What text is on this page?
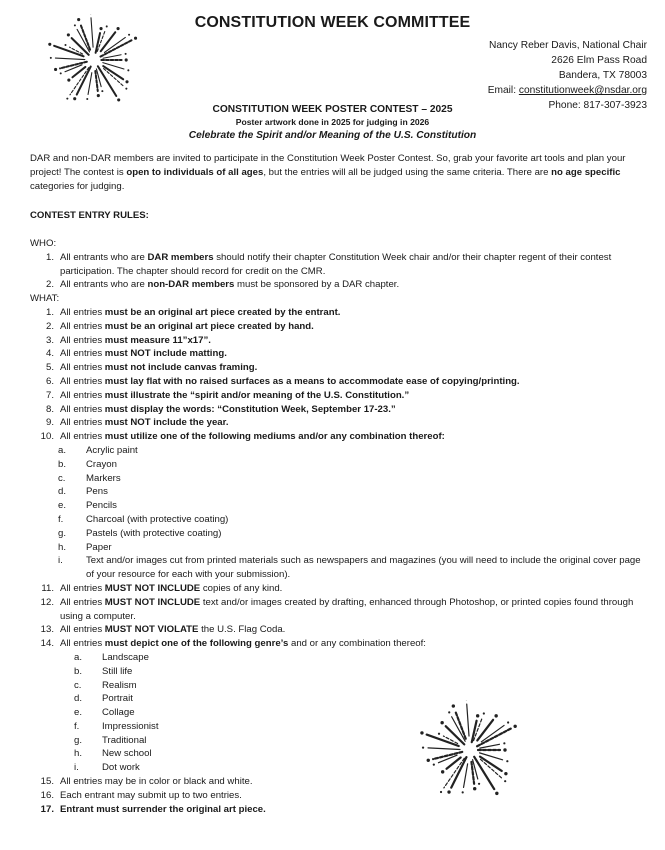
CONSTITUTION WEEK COMMITTEE
Nancy Reber Davis, National Chair
2626 Elm Pass Road
Bandera, TX 78003
Email: constitutionweek@nsdar.org
Phone: 817-307-3923
CONSTITUTION WEEK POSTER CONTEST – 2025
Poster artwork done in 2025 for judging in 2026
Celebrate the Spirit and/or Meaning of the U.S. Constitution
DAR and non-DAR members are invited to participate in the Constitution Week Poster Contest. So, grab your favorite art tools and plan your project! The contest is open to individuals of all ages, but the entries will all be judged using the same criteria. There are no age specific categories for judging.
CONTEST ENTRY RULES:
WHO:
1. All entrants who are DAR members should notify their chapter Constitution Week chair and/or their chapter regent of their contest participation. The chapter should record for credit on the CMR.
2. All entrants who are non-DAR members must be sponsored by a DAR chapter.
WHAT:
1. All entries must be an original art piece created by the entrant.
2. All entries must be an original art piece created by hand.
3. All entries must measure 11”x17”.
4. All entries must NOT include matting.
5. All entries must not include canvas framing.
6. All entries must lay flat with no raised surfaces as a means to accommodate ease of copying/printing.
7. All entries must illustrate the “spirit and/or meaning of the U.S. Constitution.”
8. All entries must display the words: “Constitution Week, September 17-23.”
9. All entries must NOT include the year.
10. All entries must utilize one of the following mediums and/or any combination thereof:
a.	Acrylic paint
b.	Crayon
c.	Markers
d.	Pens
e.	Pencils
f.	Charcoal (with protective coating)
g.	Pastels (with protective coating)
h.	Paper
i.	Text and/or images cut from printed materials such as newspapers and magazines (you will need to include the original cover page of your resource for each with your submission).
11. All entries MUST NOT INCLUDE copies of any kind.
12. All entries MUST NOT INCLUDE text and/or images created by drafting, enhanced through Photoshop, or printed copies found through using a computer.
13. All entries MUST NOT VIOLATE the U.S. Flag Coda.
14. All entries must depict one of the following genre’s and or any combination thereof:
a.	Landscape
b.	Still life
c.	Realism
d.	Portrait
e.	Collage
f.	Impressionist
g.	Traditional
h.	New school
i.	Dot work
15. All entries may be in color or black and white.
16. Each entrant may submit up to two entries.
17. Entrant must surrender the original art piece.
